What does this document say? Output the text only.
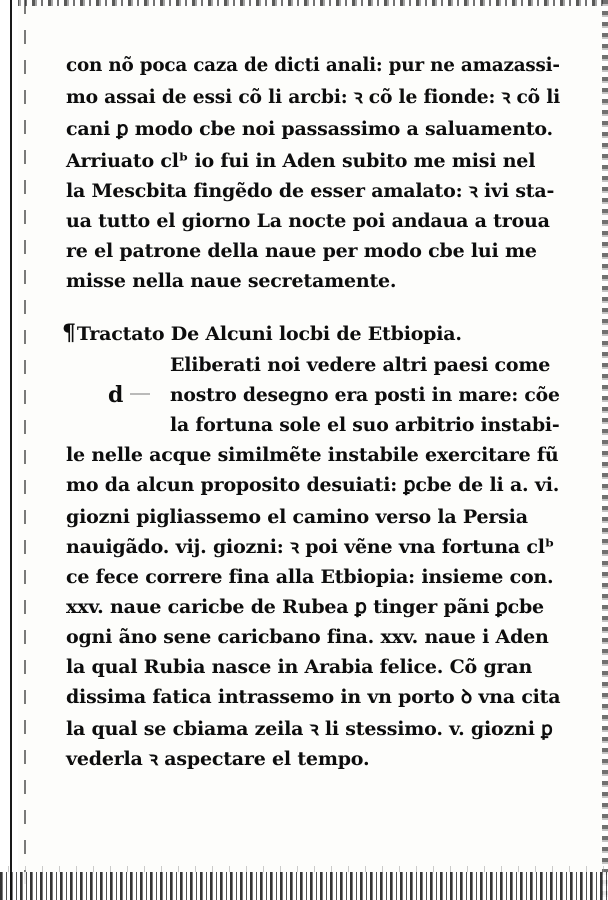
con nõ poca caza de dicti anali: pur ne amazassi-
mo assai de essi cõ li arcbi: ꝛ cõ le fionde: ꝛ cõ li
cani ꝑ modo cbe noi passassimo a saluamento.
Arriuato clᵇ io fui in Aden subito me misi nel
la Mescbita fingẽdo de esser amalato: ꝛ ivi sta-
ua tutto el giorno La nocte poi andaua a troua
re el patrone della naue per modo cbe lui me
misse nella naue secretamente.
¶Tractato De Alcuni locbi de Etbiopia.
d
Eliberati noi vedere altri paesi come
nostro desegno era posti in mare: cõe
la fortuna sole el suo arbitrio instabi-
le nelle acque similmẽte instabile exercitare fũ
mo da alcun proposito desuiati: ꝑcbe de li a. vi.
giozni pigliassemo el camino verso la Persia
nauigãdo. vij. giozni: ꝛ poi vẽne vna fortuna clᵇ
ce fece correre fina alla Etbiopia: insieme con.
xxv. naue caricbe de Rubea ꝑ tinger pãni ꝑcbe
ogni ãno sene caricbano fina. xxv. naue i Aden
la qual Rubia nasce in Arabia felice. Cõ gran
dissima fatica intrassemo in vn porto ꝺ vna cita
la qual se cbiama zeila ꝛ li stessimo. v. giozni ꝑ
vederla ꝛ aspectare el tempo.
